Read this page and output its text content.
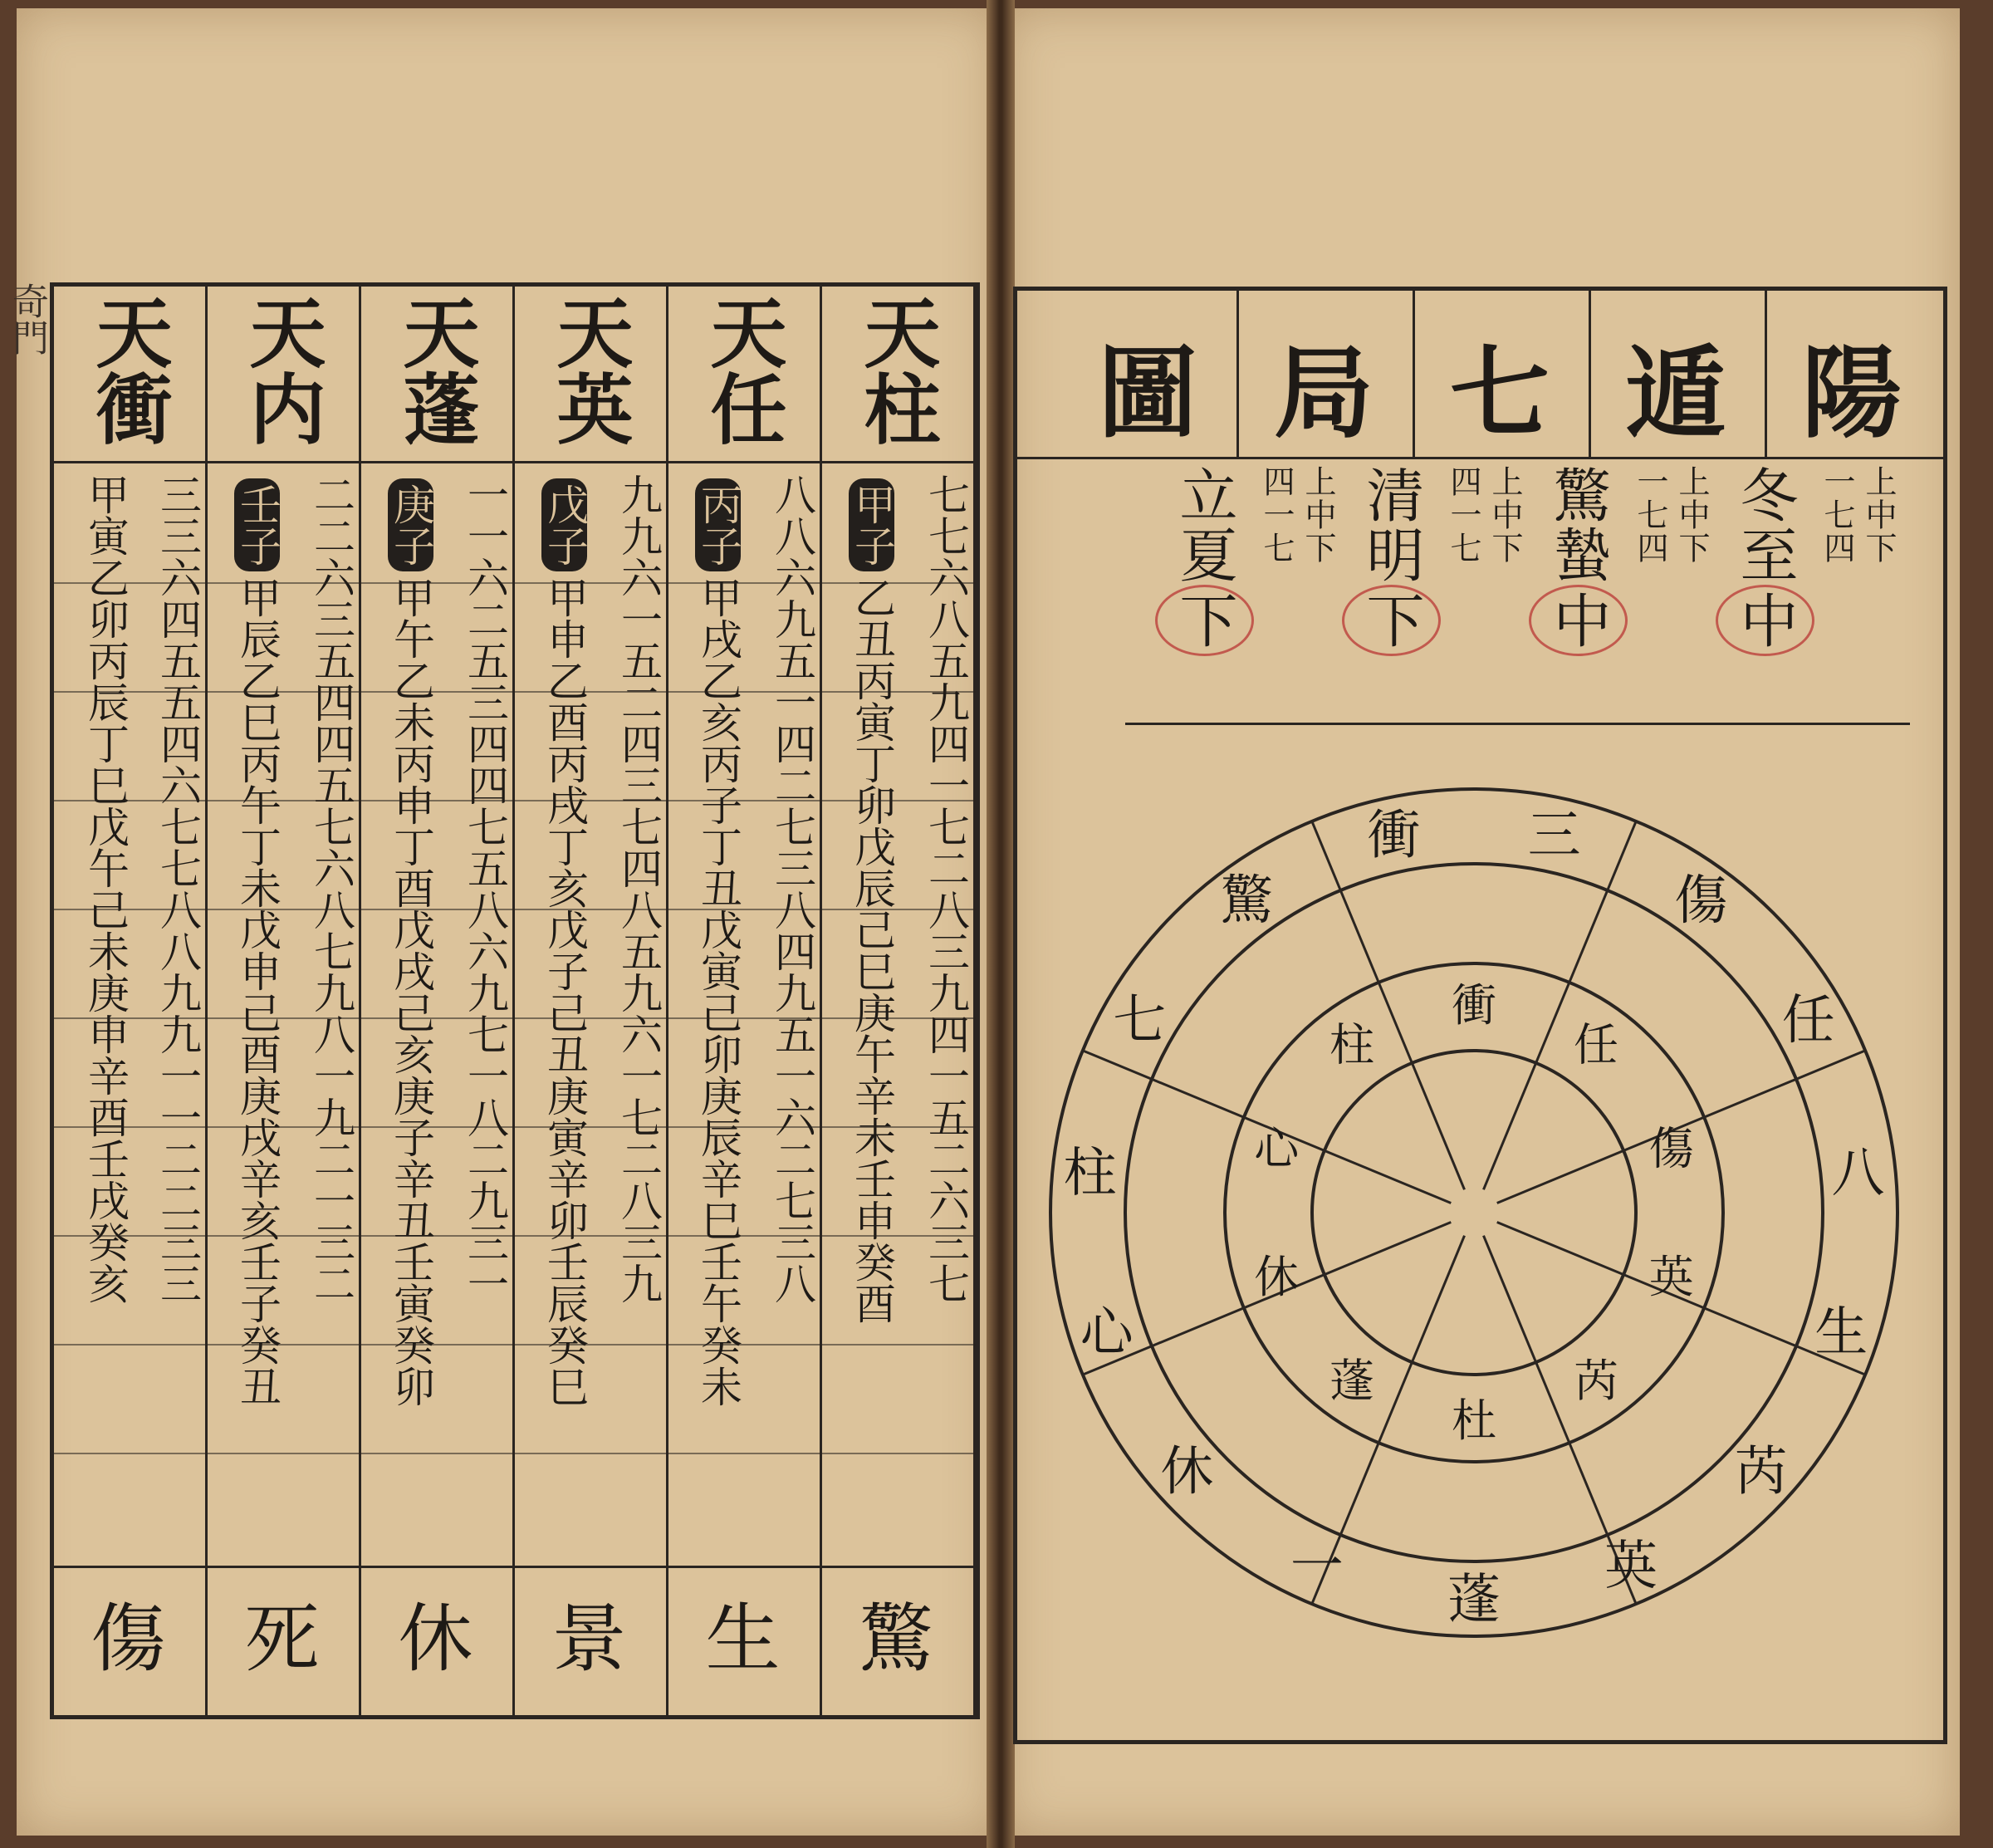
奇門	天柱
七七六八五九四一七二八三九四一五二六三七
甲子乙丑丙寅丁卯戊辰己巳庚午辛未壬申癸酉
驚
天任
八八六九五一四二七三八四九五一六二七三八
丙子甲戌乙亥丙子丁丑戊寅己卯庚辰辛巳壬午癸未
生
天英
九九六一五二四三七四八五九六一七二八三九
戊子甲申乙酉丙戌丁亥戊子己丑庚寅辛卯壬辰癸巳
景
天蓬
一一六二五三四四七五八六九七一八二九三一
庚子甲午乙未丙申丁酉戊戌己亥庚子辛丑壬寅癸卯
休
天内
二二六三五四四五七六八七九八一九二一三二
壬子甲辰乙巳丙午丁未戊申己酉庚戌辛亥壬子癸丑
死
天衝
三三六四五五四六七七八八九九一一二二三三
甲寅乙卯丙辰丁巳戊午己未庚申辛酉壬戌癸亥
傷
陽
遁
七
局
圖
上中下
一七四
冬至中
上中下
一七四
驚蟄中
上中下
四一七
清明下
上中下
四一七
立夏下
蓬
一
休
心
柱
七
驚
衝 三
傷
任
八
生
芮
英
杜
蓬
休
心
柱
衝
任
傷
英
芮
